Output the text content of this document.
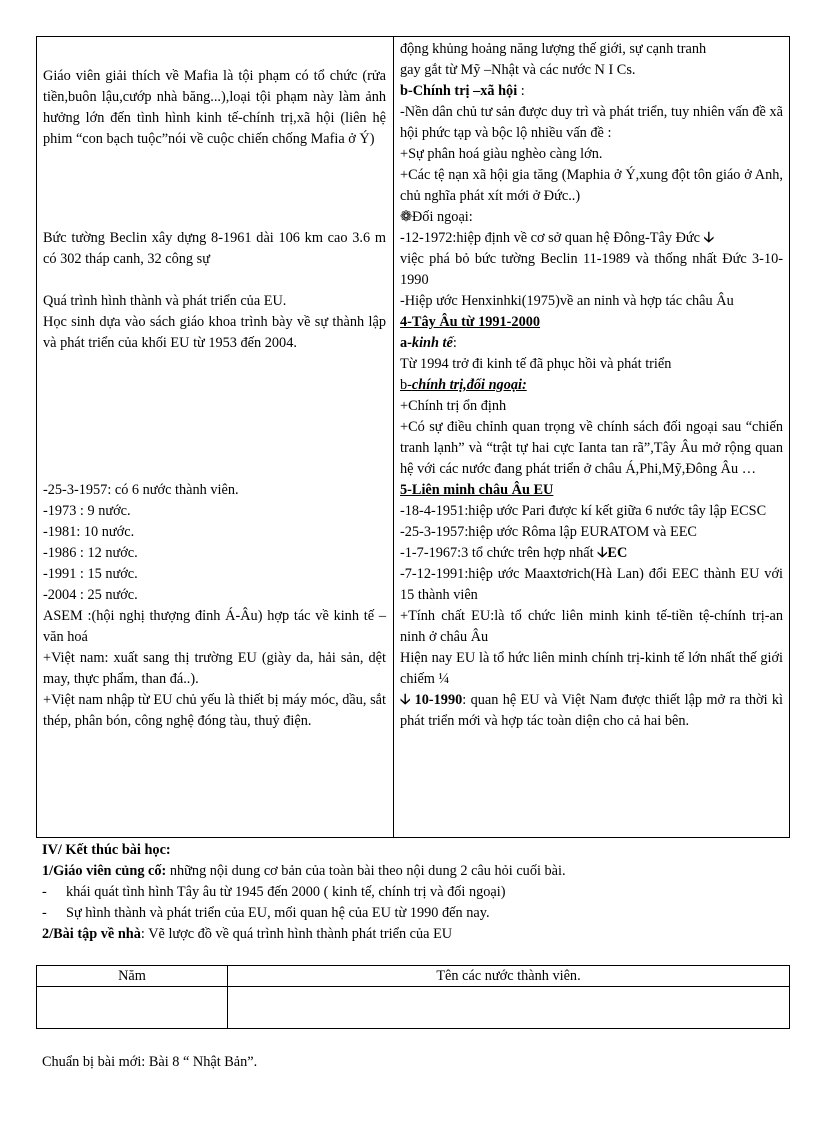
Giáo viên giải thích về Mafia là tội phạm có tổ chức (rửa tiền,buôn lậu,cướp nhà băng...),loại tội phạm này làm ảnh hưởng lớn đến tình hình kinh tế-chính trị,xã hội (liên hệ phim “con bạch tuộc”nói về cuộc chiến chống Mafia ở Ý)

Bức tường Beclin xây dựng 8-1961 dài 106 km cao 3.6 m có 302 tháp canh, 32 công sự

Quá trình hình thành và phát triển của EU.

Học sinh dựa vào sách giáo khoa trình bày về sự thành lập và phát triển của khối EU từ 1953 đến 2004.

-25-3-1957: có 6 nước thành viên.
-1973 : 9 nước.
-1981: 10 nước.
-1986 : 12 nước.
-1991 : 15 nước.
-2004 : 25 nước.

ASEM :(hội nghị thượng đỉnh Á-Âu) hợp tác về kinh tế –văn hoá

+Việt nam: xuất sang thị trường EU (giày da, hải sản, dệt may, thực phẩm, than đá..).

+Việt nam nhập từ EU chủ yếu là thiết bị máy móc, dầu, sắt thép, phân bón, công nghệ đóng tàu, thuỷ điện.

động khủng hoảng năng lượng thế giới, sự cạnh tranh
gay gắt từ Mỹ –Nhật và các nước N I Cs.
b-Chính trị –xã hội :
-Nền dân chủ tư sản được duy trì và phát triển, tuy nhiên vấn đề xã hội phức tạp và bộc lộ nhiều vấn đề :
+Sự phân hoá giàu nghèo càng lớn.
+Các tệ nạn xã hội gia tăng (Maphia ở Ý,xung đột tôn giáo ở Anh, chủ nghĩa phát xít mới ở Đức..)
❁Đối ngoại:
-12-1972:hiệp định về cơ sở quan hệ Đông-Tây Đức 🡣
việc phá bỏ bức tường Beclin 11-1989 và thống nhất Đức 3-10-1990
-Hiệp ước Henxinhki(1975)về an ninh và hợp tác châu Âu
4-Tây Âu từ 1991-2000
a-kinh tế:
Từ 1994 trở đi kinh tế đã phục hồi và phát triển
b-chính trị,đối ngoại:
+Chính trị ổn định
+Có sự điều chỉnh quan trọng về chính sách đối ngoại sau “chiến tranh lạnh” và “trật tự hai cực Ianta tan rã”,Tây Âu mở rộng quan hệ với các nước đang phát triển ở châu Á,Phi,Mỹ,Đông Âu …
5-Liên minh châu Âu EU
-18-4-1951:hiệp ước Pari được kí kết giữa 6 nước tây lập ECSC
-25-3-1957:hiệp ước Rôma lập EURATOM và EEC
-1-7-1967:3 tổ chức trên hợp nhất 🡣EC
-7-12-1991:hiệp ước Maaxtơrich(Hà Lan) đổi EEC thành EU với 15 thành viên
+Tính chất EU:là tổ chức liên minh kinh tế-tiền tệ-chính trị-an ninh ở châu Âu
Hiện nay EU là tổ hức liên minh chính trị-kinh tế lớn nhất thế giới chiếm ¼
🡣 10-1990: quan hệ EU và Việt Nam được thiết lập mở ra thời kì phát triển mới và hợp tác toàn diện cho cả hai bên.

IV/ Kết thúc bài học:

1/Giáo viên củng cố: những nội dung cơ bản của toàn bài theo nội dung 2 câu hỏi cuối bài.

- khái quát tình hình Tây âu từ 1945 đến 2000 ( kinh tế, chính trị và đối ngoại)
- Sự hình thành và phát triển của EU, mối quan hệ của EU từ 1990 đến nay.

2/Bài tập về nhà: Vẽ lược đồ về quá trình hình thành phát triển của EU

Năm	Tên các nước thành viên.

Chuẩn bị bài mới: Bài 8 “ Nhật Bản”.
